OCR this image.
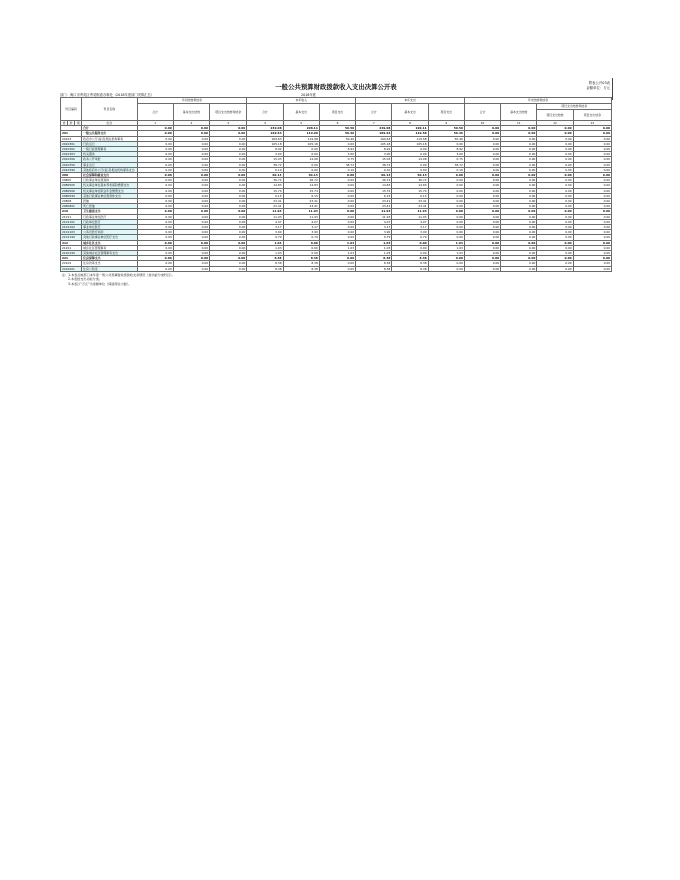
附表公开03表
金额单位：万元
一般公共预算财政拨款收入支出决算公开表
部门：海口市秀英区秀英街道办事处（2018年度部门决算汇总）	2018年度
科目编码			科目名称	年初结转和结余			本年收入			本年支出			年末结转和结余			
				合计	基本支出结转	项目支出结转和结余	合计	基本支出	项目支出	合计	基本支出	项目支出	合计	基本支出结转	项目支出结转和结余	
															项目支出结转	项目支出结余
类	款	项	栏次	1	2	3	4	5	6	7	8	9	10	11	12	13
			合计	0.00	0.00	0.00	249.08	208.11	50.50	249.08	199.11	50.50	0.00	0.00	0.00	0.00
201			一般公共服务支出	0.00	0.00	0.00	169.63	119.98	50.46	169.63	119.58	50.46	0.00	0.00	0.00	0.00
20103			政府办公厅(室)及相关机构事务	0.00	0.00	0.00	169.63	119.98	50.46	169.63	119.58	50.46	0.00	0.00	0.00	0.00
2010301			行政运行	0.00	0.00	0.00	105.18	105.18	0.00	105.18	105.18	0.00	0.00	0.00	0.00	0.00
2010302			一般行政管理事务	0.00	0.00	0.00	8.92	0.00	8.92	8.92	0.00	8.92	0.00	0.00	0.00	0.00
2010303			机关服务	0.00	0.00	0.00	3.00	0.00	3.00	3.00	0.00	3.00	0.00	0.00	0.00	0.00
2010306			政务公开审批	0.00	0.00	0.00	15.03	14.08	0.75	15.03	14.08	0.75	0.00	0.00	0.00	0.00
2010350			事业运行	0.00	0.00	0.00	38.72	0.00	38.72	38.72	0.00	38.72	0.00	0.00	0.00	0.00
2010399			其他政府办公厅(室)及相关机构事务支出	0.00	0.00	0.00	0.10	0.00	0.10	0.10	0.00	0.10	0.00	0.00	0.00	0.00
208			社会保障和就业支出	0.00	0.00	0.00	60.13	60.13	0.00	60.13	60.13	0.00	0.00	0.00	0.00	0.00
20805			行政事业单位离退休	0.00	0.00	0.00	36.72	36.72	0.00	36.72	36.72	0.00	0.00	0.00	0.00	0.00
2080505			机关事业单位基本养老保险缴费支出	0.00	0.00	0.00	14.83	14.83	0.00	14.83	14.83	0.00	0.00	0.00	0.00	0.00
2080506			机关事业单位职业年金缴费支出	0.00	0.00	0.00	15.74	15.74	0.00	15.74	15.74	0.00	0.00	0.00	0.00	0.00
2080599			其他行政事业单位离退休支出	0.00	0.00	0.00	6.15	6.15	0.00	6.15	6.15	0.00	0.00	0.00	0.00	0.00
20808			抚恤	0.00	0.00	0.00	23.41	23.41	0.00	23.41	23.41	0.00	0.00	0.00	0.00	0.00
2080801			死亡抚恤	0.00	0.00	0.00	23.41	23.41	0.00	23.41	23.41	0.00	0.00	0.00	0.00	0.00
210			卫生健康支出	0.00	0.00	0.00	11.93	11.93	0.00	11.93	11.93	0.00	0.00	0.00	0.00	0.00
21011			行政事业单位医疗	0.00	0.00	0.00	11.93	11.93	0.00	11.93	11.93	0.00	0.00	0.00	0.00	0.00
2101101			行政单位医疗	0.00	0.00	0.00	4.07	4.07	0.00	4.07	4.07	0.00	0.00	0.00	0.00	0.00
2101102			事业单位医疗	0.00	0.00	0.00	3.17	3.17	0.00	3.17	3.17	0.00	0.00	0.00	0.00	0.00
2101103			公务员医疗补助	0.00	0.00	0.00	3.90	3.90	0.00	3.90	3.90	0.00	0.00	0.00	0.00	0.00
2101199			其他行政事业单位医疗支出	0.00	0.00	0.00	0.79	0.79	0.00	0.79	0.79	0.00	0.00	0.00	0.00	0.00
212			城乡社区支出	0.00	0.00	0.00	1.03	0.00	1.03	1.03	0.00	1.03	0.00	0.00	0.00	0.00
21201			城乡社区管理事务	0.00	0.00	0.00	1.03	0.00	1.03	1.03	0.00	1.03	0.00	0.00	0.00	0.00
2120199			其他城乡社区管理事务支出	0.00	0.00	0.00	1.03	0.00	1.03	1.03	0.00	1.03	0.00	0.00	0.00	0.00
221			住房保障支出	0.00	0.00	0.00	8.38	8.38	0.00	8.38	8.38	0.00	0.00	0.00	0.00	0.00
22102			住房改革支出	0.00	0.00	0.00	8.38	8.38	0.00	8.38	8.38	0.00	0.00	0.00	0.00	0.00
2210201			住房公积金	0.00	0.00	0.00	8.38	8.38	0.00	8.38	8.38	0.00	0.00	0.00	0.00	0.00
注：1.本表反映部门本年度一般公共预算财政拨款收支余情况（按功能分类科目）。
2.本表按支出功能分类。
3.本表以“万元”为金额单位（保留两位小数）。
